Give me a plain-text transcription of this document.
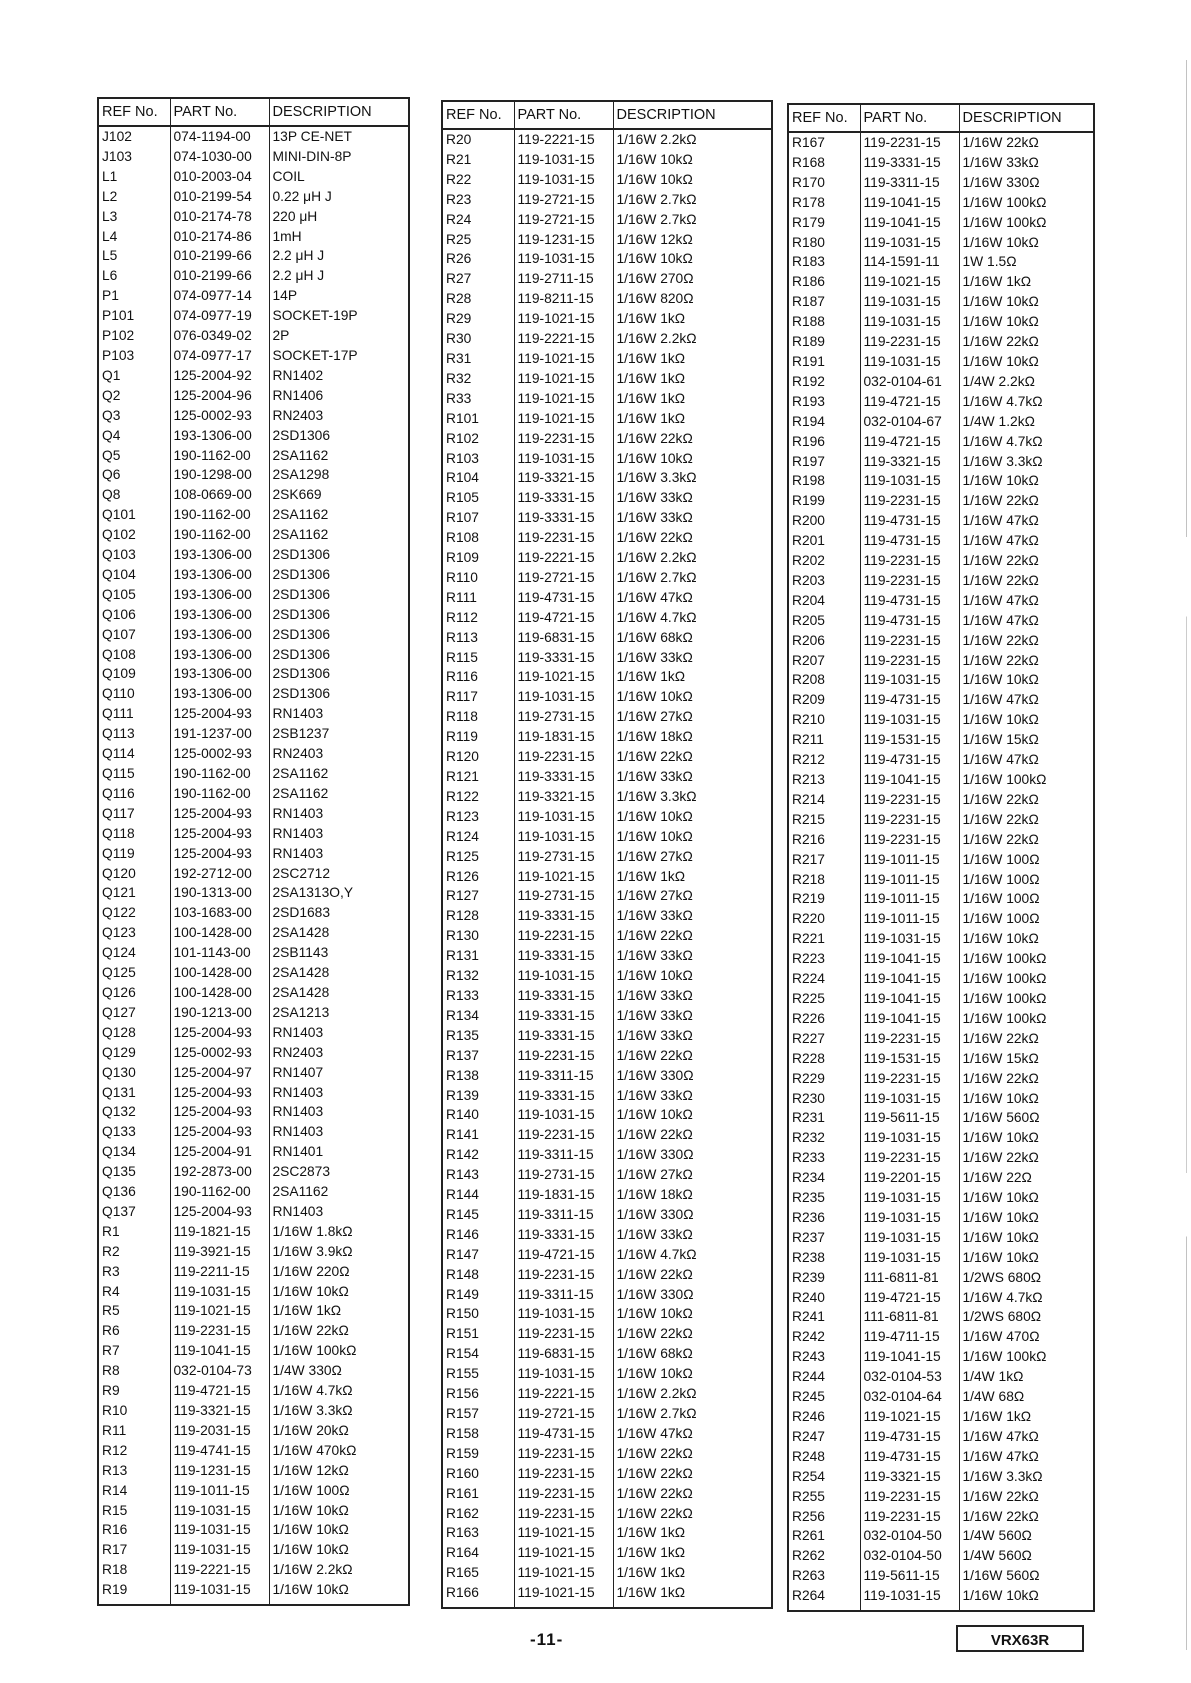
REF No.	PART No.	DESCRIPTION
J102	074-1194-00	13P CE-NET
J103	074-1030-00	MINI-DIN-8P
L1	010-2003-04	COIL
L2	010-2199-54	0.22 μH J
L3	010-2174-78	220 μH
L4	010-2174-86	1mH
L5	010-2199-66	2.2 μH J
L6	010-2199-66	2.2 μH J
P1	074-0977-14	14P
P101	074-0977-19	SOCKET-19P
P102	076-0349-02	2P
P103	074-0977-17	SOCKET-17P
Q1	125-2004-92	RN1402
Q2	125-2004-96	RN1406
Q3	125-0002-93	RN2403
Q4	193-1306-00	2SD1306
Q5	190-1162-00	2SA1162
Q6	190-1298-00	2SA1298
Q8	108-0669-00	2SK669
Q101	190-1162-00	2SA1162
Q102	190-1162-00	2SA1162
Q103	193-1306-00	2SD1306
Q104	193-1306-00	2SD1306
Q105	193-1306-00	2SD1306
Q106	193-1306-00	2SD1306
Q107	193-1306-00	2SD1306
Q108	193-1306-00	2SD1306
Q109	193-1306-00	2SD1306
Q110	193-1306-00	2SD1306
Q111	125-2004-93	RN1403
Q113	191-1237-00	2SB1237
Q114	125-0002-93	RN2403
Q115	190-1162-00	2SA1162
Q116	190-1162-00	2SA1162
Q117	125-2004-93	RN1403
Q118	125-2004-93	RN1403
Q119	125-2004-93	RN1403
Q120	192-2712-00	2SC2712
Q121	190-1313-00	2SA1313O,Y
Q122	103-1683-00	2SD1683
Q123	100-1428-00	2SA1428
Q124	101-1143-00	2SB1143
Q125	100-1428-00	2SA1428
Q126	100-1428-00	2SA1428
Q127	190-1213-00	2SA1213
Q128	125-2004-93	RN1403
Q129	125-0002-93	RN2403
Q130	125-2004-97	RN1407
Q131	125-2004-93	RN1403
Q132	125-2004-93	RN1403
Q133	125-2004-93	RN1403
Q134	125-2004-91	RN1401
Q135	192-2873-00	2SC2873
Q136	190-1162-00	2SA1162
Q137	125-2004-93	RN1403
R1	119-1821-15	1/16W 1.8kΩ
R2	119-3921-15	1/16W 3.9kΩ
R3	119-2211-15	1/16W 220Ω
R4	119-1031-15	1/16W 10kΩ
R5	119-1021-15	1/16W 1kΩ
R6	119-2231-15	1/16W 22kΩ
R7	119-1041-15	1/16W 100kΩ
R8	032-0104-73	1/4W 330Ω
R9	119-4721-15	1/16W 4.7kΩ
R10	119-3321-15	1/16W 3.3kΩ
R11	119-2031-15	1/16W 20kΩ
R12	119-4741-15	1/16W 470kΩ
R13	119-1231-15	1/16W 12kΩ
R14	119-1011-15	1/16W 100Ω
R15	119-1031-15	1/16W 10kΩ
R16	119-1031-15	1/16W 10kΩ
R17	119-1031-15	1/16W 10kΩ
R18	119-2221-15	1/16W 2.2kΩ
R19	119-1031-15	1/16W 10kΩ
REF No.	PART No.	DESCRIPTION
R20	119-2221-15	1/16W 2.2kΩ
R21	119-1031-15	1/16W 10kΩ
R22	119-1031-15	1/16W 10kΩ
R23	119-2721-15	1/16W 2.7kΩ
R24	119-2721-15	1/16W 2.7kΩ
R25	119-1231-15	1/16W 12kΩ
R26	119-1031-15	1/16W 10kΩ
R27	119-2711-15	1/16W 270Ω
R28	119-8211-15	1/16W 820Ω
R29	119-1021-15	1/16W 1kΩ
R30	119-2221-15	1/16W 2.2kΩ
R31	119-1021-15	1/16W 1kΩ
R32	119-1021-15	1/16W 1kΩ
R33	119-1021-15	1/16W 1kΩ
R101	119-1021-15	1/16W 1kΩ
R102	119-2231-15	1/16W 22kΩ
R103	119-1031-15	1/16W 10kΩ
R104	119-3321-15	1/16W 3.3kΩ
R105	119-3331-15	1/16W 33kΩ
R107	119-3331-15	1/16W 33kΩ
R108	119-2231-15	1/16W 22kΩ
R109	119-2221-15	1/16W 2.2kΩ
R110	119-2721-15	1/16W 2.7kΩ
R111	119-4731-15	1/16W 47kΩ
R112	119-4721-15	1/16W 4.7kΩ
R113	119-6831-15	1/16W 68kΩ
R115	119-3331-15	1/16W 33kΩ
R116	119-1021-15	1/16W 1kΩ
R117	119-1031-15	1/16W 10kΩ
R118	119-2731-15	1/16W 27kΩ
R119	119-1831-15	1/16W 18kΩ
R120	119-2231-15	1/16W 22kΩ
R121	119-3331-15	1/16W 33kΩ
R122	119-3321-15	1/16W 3.3kΩ
R123	119-1031-15	1/16W 10kΩ
R124	119-1031-15	1/16W 10kΩ
R125	119-2731-15	1/16W 27kΩ
R126	119-1021-15	1/16W 1kΩ
R127	119-2731-15	1/16W 27kΩ
R128	119-3331-15	1/16W 33kΩ
R130	119-2231-15	1/16W 22kΩ
R131	119-3331-15	1/16W 33kΩ
R132	119-1031-15	1/16W 10kΩ
R133	119-3331-15	1/16W 33kΩ
R134	119-3331-15	1/16W 33kΩ
R135	119-3331-15	1/16W 33kΩ
R137	119-2231-15	1/16W 22kΩ
R138	119-3311-15	1/16W 330Ω
R139	119-3331-15	1/16W 33kΩ
R140	119-1031-15	1/16W 10kΩ
R141	119-2231-15	1/16W 22kΩ
R142	119-3311-15	1/16W 330Ω
R143	119-2731-15	1/16W 27kΩ
R144	119-1831-15	1/16W 18kΩ
R145	119-3311-15	1/16W 330Ω
R146	119-3331-15	1/16W 33kΩ
R147	119-4721-15	1/16W 4.7kΩ
R148	119-2231-15	1/16W 22kΩ
R149	119-3311-15	1/16W 330Ω
R150	119-1031-15	1/16W 10kΩ
R151	119-2231-15	1/16W 22kΩ
R154	119-6831-15	1/16W 68kΩ
R155	119-1031-15	1/16W 10kΩ
R156	119-2221-15	1/16W 2.2kΩ
R157	119-2721-15	1/16W 2.7kΩ
R158	119-4731-15	1/16W 47kΩ
R159	119-2231-15	1/16W 22kΩ
R160	119-2231-15	1/16W 22kΩ
R161	119-2231-15	1/16W 22kΩ
R162	119-2231-15	1/16W 22kΩ
R163	119-1021-15	1/16W 1kΩ
R164	119-1021-15	1/16W 1kΩ
R165	119-1021-15	1/16W 1kΩ
R166	119-1021-15	1/16W 1kΩ
REF No.	PART No.	DESCRIPTION
R167	119-2231-15	1/16W 22kΩ
R168	119-3331-15	1/16W 33kΩ
R170	119-3311-15	1/16W 330Ω
R178	119-1041-15	1/16W 100kΩ
R179	119-1041-15	1/16W 100kΩ
R180	119-1031-15	1/16W 10kΩ
R183	114-1591-11	1W 1.5Ω
R186	119-1021-15	1/16W 1kΩ
R187	119-1031-15	1/16W 10kΩ
R188	119-1031-15	1/16W 10kΩ
R189	119-2231-15	1/16W 22kΩ
R191	119-1031-15	1/16W 10kΩ
R192	032-0104-61	1/4W 2.2kΩ
R193	119-4721-15	1/16W 4.7kΩ
R194	032-0104-67	1/4W 1.2kΩ
R196	119-4721-15	1/16W 4.7kΩ
R197	119-3321-15	1/16W 3.3kΩ
R198	119-1031-15	1/16W 10kΩ
R199	119-2231-15	1/16W 22kΩ
R200	119-4731-15	1/16W 47kΩ
R201	119-4731-15	1/16W 47kΩ
R202	119-2231-15	1/16W 22kΩ
R203	119-2231-15	1/16W 22kΩ
R204	119-4731-15	1/16W 47kΩ
R205	119-4731-15	1/16W 47kΩ
R206	119-2231-15	1/16W 22kΩ
R207	119-2231-15	1/16W 22kΩ
R208	119-1031-15	1/16W 10kΩ
R209	119-4731-15	1/16W 47kΩ
R210	119-1031-15	1/16W 10kΩ
R211	119-1531-15	1/16W 15kΩ
R212	119-4731-15	1/16W 47kΩ
R213	119-1041-15	1/16W 100kΩ
R214	119-2231-15	1/16W 22kΩ
R215	119-2231-15	1/16W 22kΩ
R216	119-2231-15	1/16W 22kΩ
R217	119-1011-15	1/16W 100Ω
R218	119-1011-15	1/16W 100Ω
R219	119-1011-15	1/16W 100Ω
R220	119-1011-15	1/16W 100Ω
R221	119-1031-15	1/16W 10kΩ
R223	119-1041-15	1/16W 100kΩ
R224	119-1041-15	1/16W 100kΩ
R225	119-1041-15	1/16W 100kΩ
R226	119-1041-15	1/16W 100kΩ
R227	119-2231-15	1/16W 22kΩ
R228	119-1531-15	1/16W 15kΩ
R229	119-2231-15	1/16W 22kΩ
R230	119-1031-15	1/16W 10kΩ
R231	119-5611-15	1/16W 560Ω
R232	119-1031-15	1/16W 10kΩ
R233	119-2231-15	1/16W 22kΩ
R234	119-2201-15	1/16W 22Ω
R235	119-1031-15	1/16W 10kΩ
R236	119-1031-15	1/16W 10kΩ
R237	119-1031-15	1/16W 10kΩ
R238	119-1031-15	1/16W 10kΩ
R239	111-6811-81	1/2WS 680Ω
R240	119-4721-15	1/16W 4.7kΩ
R241	111-6811-81	1/2WS 680Ω
R242	119-4711-15	1/16W 470Ω
R243	119-1041-15	1/16W 100kΩ
R244	032-0104-53	1/4W 1kΩ
R245	032-0104-64	1/4W 68Ω
R246	119-1021-15	1/16W 1kΩ
R247	119-4731-15	1/16W 47kΩ
R248	119-4731-15	1/16W 47kΩ
R254	119-3321-15	1/16W 3.3kΩ
R255	119-2231-15	1/16W 22kΩ
R256	119-2231-15	1/16W 22kΩ
R261	032-0104-50	1/4W 560Ω
R262	032-0104-50	1/4W 560Ω
R263	119-5611-15	1/16W 560Ω
R264	119-1031-15	1/16W 10kΩ
-11-	VRX63R
